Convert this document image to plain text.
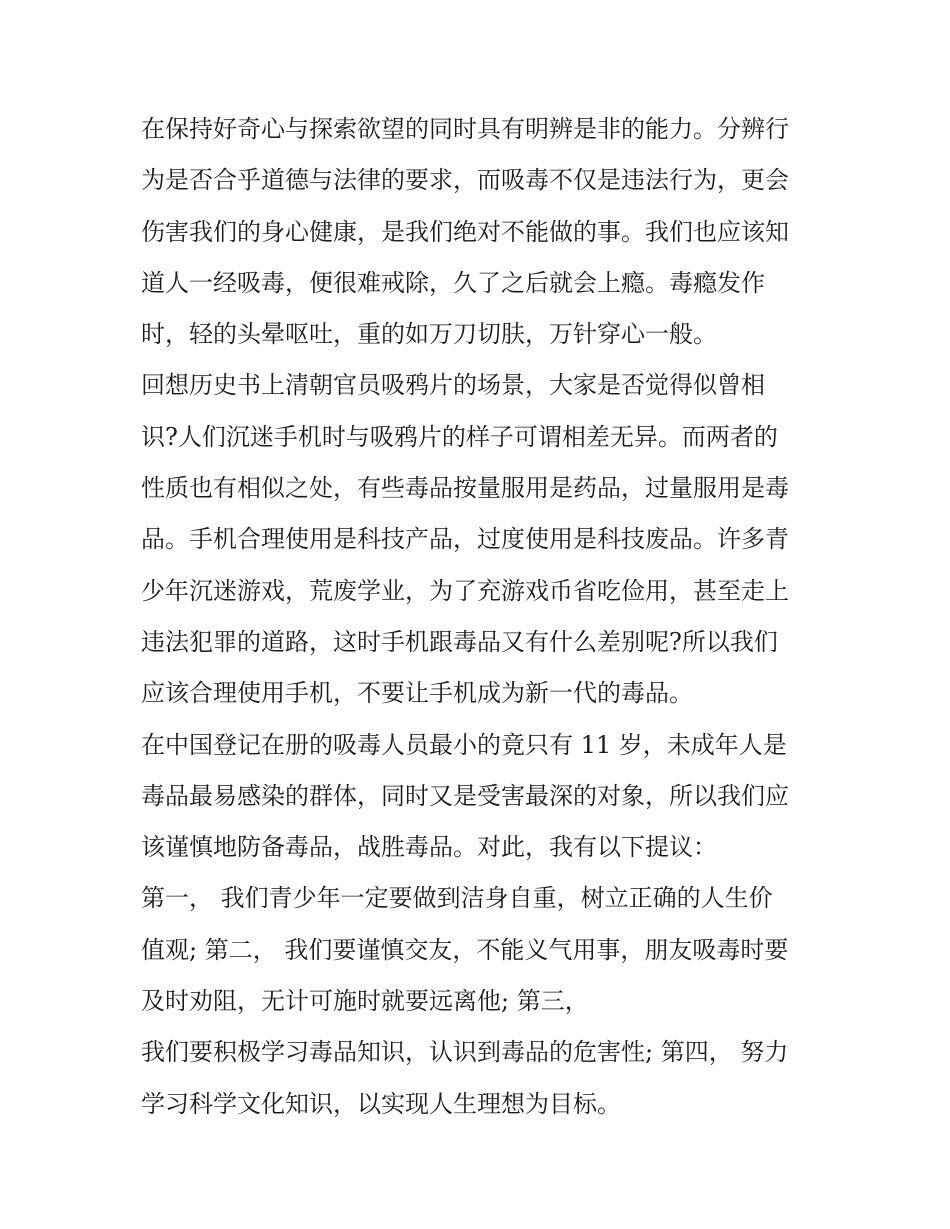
在保持好奇心与探索欲望的同时具有明辨是非的能力。分辨行
为是否合乎道德与法律的要求，而吸毒不仅是违法行为，更会
伤害我们的身心健康，是我们绝对不能做的事。我们也应该知
道人一经吸毒，便很难戒除，久了之后就会上瘾。毒瘾发作
时，轻的头晕呕吐，重的如万刀切肤，万针穿心一般。
回想历史书上清朝官员吸鸦片的场景，大家是否觉得似曾相
识?人们沉迷手机时与吸鸦片的样子可谓相差无异。而两者的
性质也有相似之处，有些毒品按量服用是药品，过量服用是毒
品。手机合理使用是科技产品，过度使用是科技废品。许多青
少年沉迷游戏，荒废学业，为了充游戏币省吃俭用，甚至走上
违法犯罪的道路，这时手机跟毒品又有什么差别呢?所以我们
应该合理使用手机，不要让手机成为新一代的毒品。
在中国登记在册的吸毒人员最小的竟只有 11 岁，未成年人是
毒品最易感染的群体，同时又是受害最深的对象，所以我们应
该谨慎地防备毒品，战胜毒品。对此，我有以下提议：
第一， 我们青少年一定要做到洁身自重，树立正确的人生价
值观; 第二， 我们要谨慎交友，不能义气用事，朋友吸毒时要
及时劝阻，无计可施时就要远离他; 第三，
我们要积极学习毒品知识，认识到毒品的危害性; 第四， 努力
学习科学文化知识，以实现人生理想为目标。
